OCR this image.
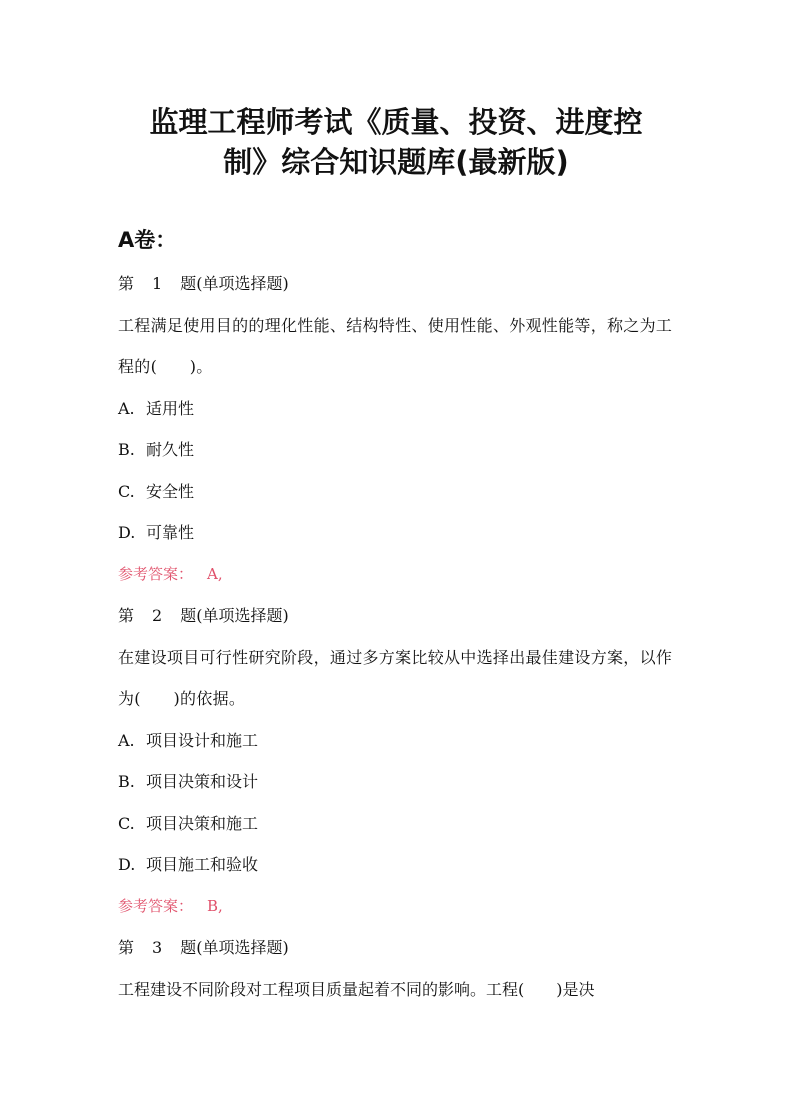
监理工程师考试《质量、投资、进度控
制》综合知识题库(最新版)
A卷：
第 1 题(单项选择题)
工程满足使用目的的理化性能、结构特性、使用性能、外观性能等，称之为工程的(　　)。
A. 适用性
B. 耐久性
C. 安全性
D. 可靠性
参考答案： A,
第 2 题(单项选择题)
在建设项目可行性研究阶段，通过多方案比较从中选择出最佳建设方案，以作为(　　)的依据。
A. 项目设计和施工
B. 项目决策和设计
C. 项目决策和施工
D. 项目施工和验收
参考答案： B,
第 3 题(单项选择题)
工程建设不同阶段对工程项目质量起着不同的影响。工程(　　)是决
